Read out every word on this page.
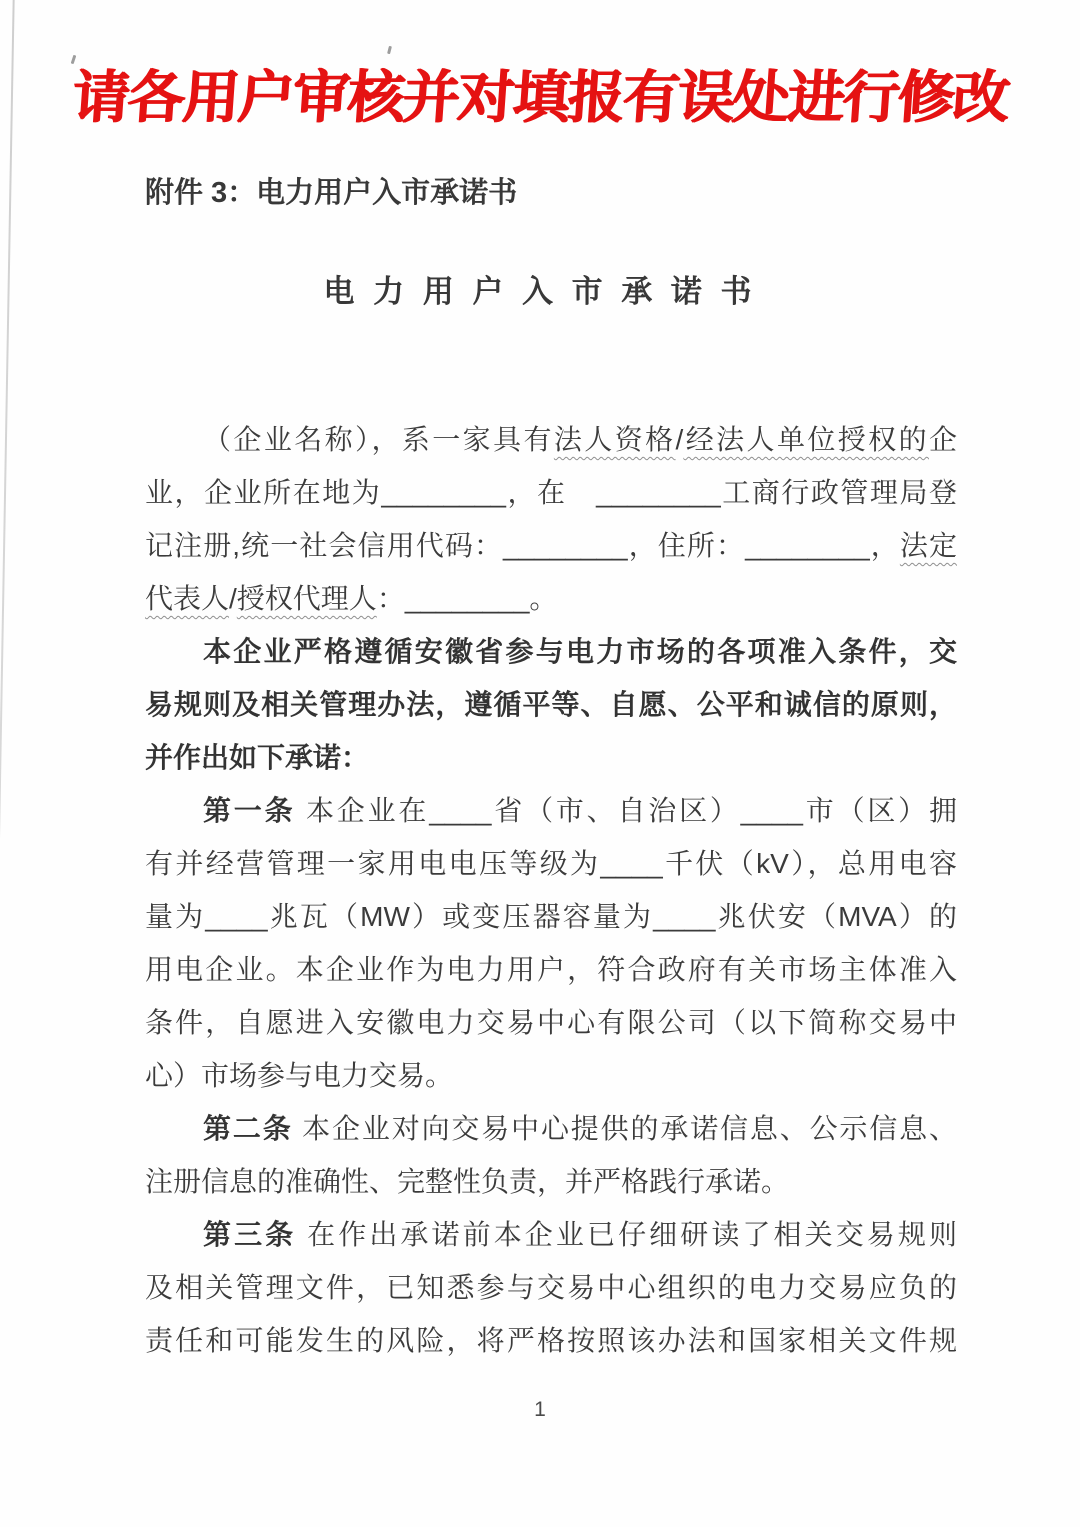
请各用户审核并对填报有误处进行修改
附件 3：电力用户入市承诺书
电 力 用 户 入 市 承 诺 书
（企业名称），系一家具有法人资格/经法人单位授权的企
业，企业所在地为________，在　________工商行政管理局登
记注册,统一社会信用代码：________，住所：________，法定
代表人/授权代理人：________。
本企业严格遵循安徽省参与电力市场的各项准入条件，交
易规则及相关管理办法，遵循平等、自愿、公平和诚信的原则，
并作出如下承诺：
第一条 本企业在____省（市、自治区）____市（区）拥
有并经营管理一家用电电压等级为____千伏（kV），总用电容
量为____兆瓦（MW）或变压器容量为____兆伏安（MVA）的
用电企业。本企业作为电力用户，符合政府有关市场主体准入
条件，自愿进入安徽电力交易中心有限公司（以下简称交易中
心）市场参与电力交易。
第二条 本企业对向交易中心提供的承诺信息、公示信息、
注册信息的准确性、完整性负责，并严格践行承诺。
第三条 在作出承诺前本企业已仔细研读了相关交易规则
及相关管理文件，已知悉参与交易中心组织的电力交易应负的
责任和可能发生的风险，将严格按照该办法和国家相关文件规
1
